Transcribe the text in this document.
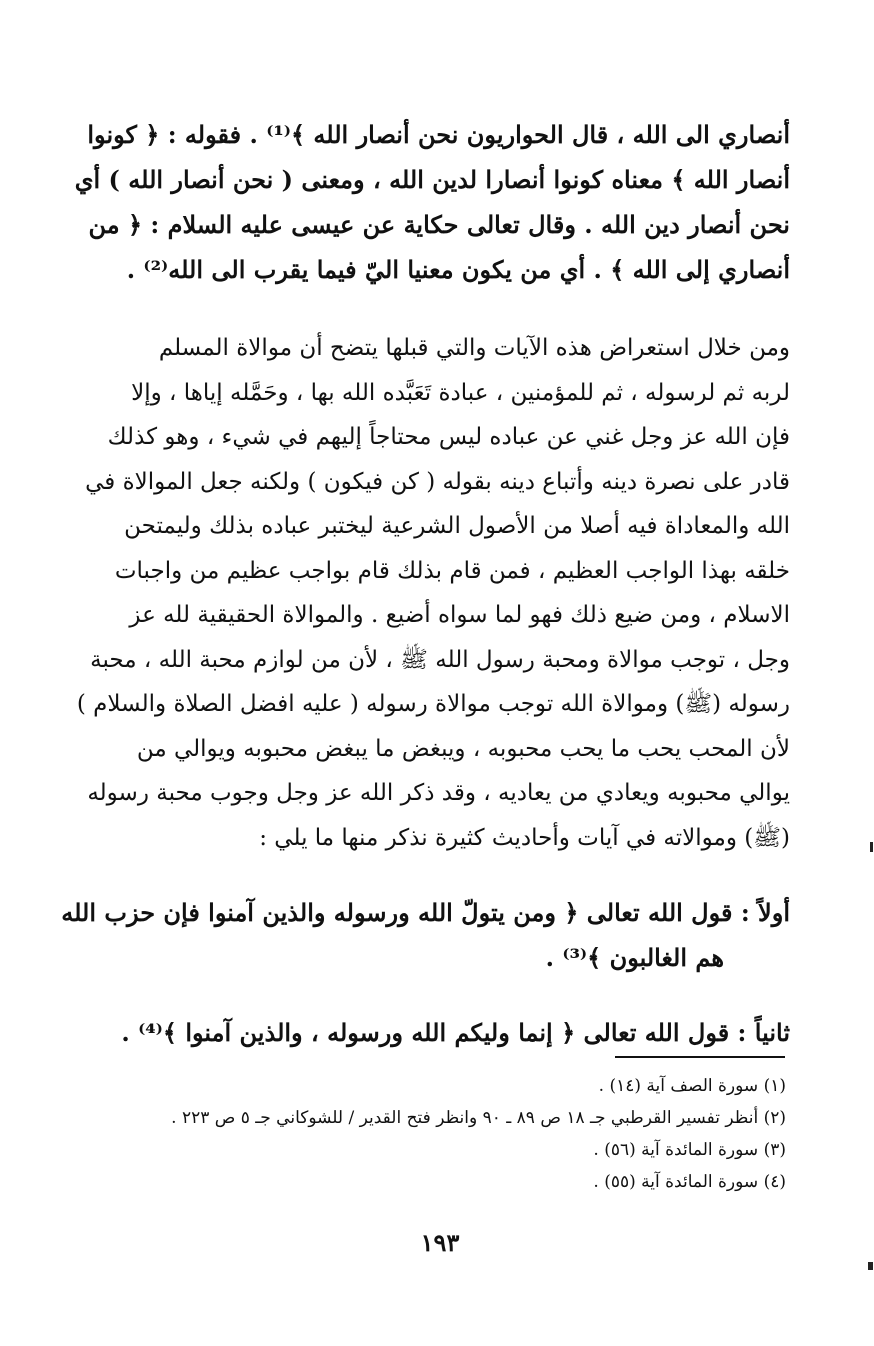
أنصاري الى الله ، قال الحواريون نحن أنصار الله ﴾⁽¹⁾ . فقوله : ﴿ كونوا
أنصار الله ﴾ معناه كونوا أنصارا لدين الله ، ومعنى ( نحن أنصار الله ) أي
نحن أنصار دين الله . وقال تعالى حكاية عن عيسى عليه السلام : ﴿ من
أنصاري إلى الله ﴾ . أي من يكون معنيا اليّ فيما يقرب الى الله⁽²⁾ .
ومن خلال استعراض هذه الآيات والتي قبلها يتضح أن موالاة المسلم
لربه ثم لرسوله ، ثم للمؤمنين ، عبادة تَعَبَّده الله بها ، وحَمَّله إياها ، وإلا
فإن الله عز وجل غني عن عباده ليس محتاجاً إليهم في شيء ، وهو كذلك
قادر على نصرة دينه وأتباع دينه بقوله ( كن فيكون ) ولكنه جعل الموالاة في
الله والمعاداة فيه أصلا من الأصول الشرعية ليختبر عباده بذلك وليمتحن
خلقه بهذا الواجب العظيم ، فمن قام بذلك قام بواجب عظيم من واجبات
الاسلام ، ومن ضيع ذلك فهو لما سواه أضيع . والموالاة الحقيقية لله عز
وجل ، توجب موالاة ومحبة رسول الله ﷺ ، لأن من لوازم محبة الله ، محبة
رسوله (ﷺ) وموالاة الله توجب موالاة رسوله ( عليه افضل الصلاة والسلام )
لأن المحب يحب ما يحب محبوبه ، ويبغض ما يبغض محبوبه ويوالي من
يوالي محبوبه ويعادي من يعاديه ، وقد ذكر الله عز وجل وجوب محبة رسوله
(ﷺ) وموالاته في آيات وأحاديث كثيرة نذكر منها ما يلي :
أولاً : قول الله تعالى ﴿ ومن يتولّ الله ورسوله والذين آمنوا فإن حزب الله
هم الغالبون ﴾⁽³⁾ .
ثانياً : قول الله تعالى ﴿ إنما وليكم الله ورسوله ، والذين آمنوا ﴾⁽⁴⁾ .
(١) سورة الصف آية (١٤) .
(٢) أنظر تفسير القرطبي جـ ١٨ ص ٨٩ ـ ٩٠ وانظر فتح القدير / للشوكاني جـ ٥ ص ٢٢٣ .
(٣) سورة المائدة آية (٥٦) .
(٤) سورة المائدة آية (٥٥) .
١٩٣
